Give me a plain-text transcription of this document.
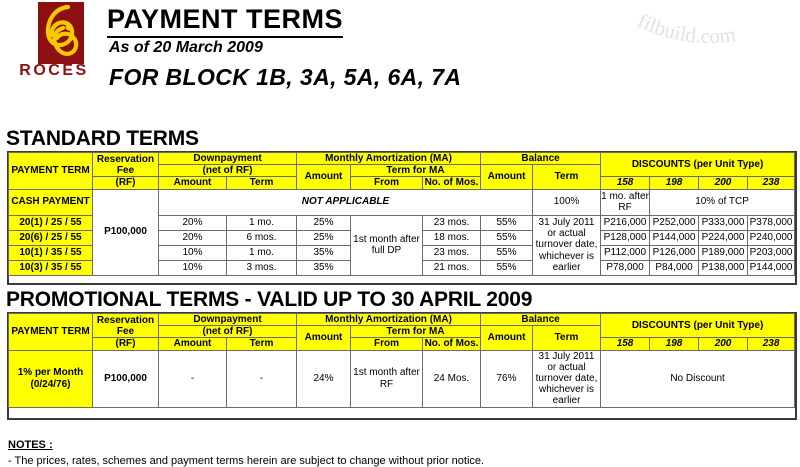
filbuild.com
ROCES
PAYMENT TERMS
As of 20 March 2009
FOR BLOCK 1B, 3A, 5A, 6A, 7A
STANDARD TERMS
PAYMENT TERM	Reservation Fee	Downpayment		Monthly Amortization (MA)			Balance		DISCOUNTS (per Unit Type)			
		(net of RF)		Amount	Term for MA		Amount	Term				
	(RF)	Amount	Term		From	No. of Mos.			158	198	200	238
CASH PAYMENT	P100,000	NOT APPLICABLE						100%	1 mo. after RF	10% of TCP		
20(1) / 25 / 55		20%	1 mo.	25%	1st month after full DP	23 mos.	55%	31 July 2011 or actual turnover date, whichever is earlier	P216,000	P252,000	P333,000	P378,000
20(6) / 25 / 55		20%	6 mos.	25%		18 mos.	55%		P128,000	P144,000	P224,000	P240,000
10(1) / 35 / 55		10%	1 mo.	35%		23 mos.	55%		P112,000	P126,000	P189,000	P203,000
10(3) / 35 / 55		10%	3 mos.	35%		21 mos.	55%		P78,000	P84,000	P138,000	P144,000
PROMOTIONAL TERMS - VALID UP TO 30 APRIL 2009
PAYMENT TERM	Reservation Fee	Downpayment		Monthly Amortization (MA)			Balance		DISCOUNTS (per Unit Type)			
		(net of RF)		Amount	Term for MA		Amount	Term				
	(RF)	Amount	Term		From	No. of Mos.			158	198	200	238
1% per Month (0/24/76)	P100,000	-	-	24%	1st month after RF	24 Mos.	76%	31 July 2011 or actual turnover date, whichever is earlier	No Discount			
NOTES :
- The prices, rates, schemes and payment terms herein are subject to change without prior notice.
